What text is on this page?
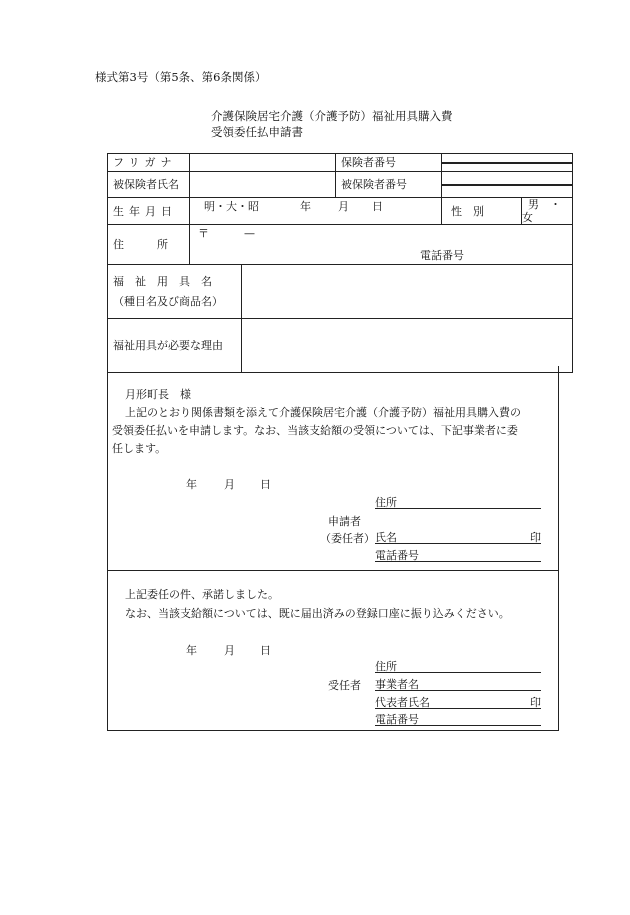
様式第3号（第5条、第6条関係）
介護保険居宅介護（介護予防）福祉用具購入費
受領委任払申請書
フリガナ		保険者番号	

被保険者氏名		被保険者番号	

生年月日	明・大・昭	年 月 日	性　別	男　・　女
住　　　所	
〒	—
電話番号

福　祉　用　具　名
（種目名及び商品名）

福祉用具が必要な理由	
月形町長　様
上記のとおり関係書類を添えて介護保険居宅介護（介護予防）福祉用具購入費の
受領委任払いを申請します。なお、当該支給額の受領については、下記事業者に委
任します。
年 月 日
住所
申請者
（委任者） 氏名	印
電話番号
上記委任の件、承諾しました。
なお、当該支給額については、既に届出済みの登録口座に振り込みください。
年 月 日
住所
受任者 事業者名
代表者氏名	印
電話番号
